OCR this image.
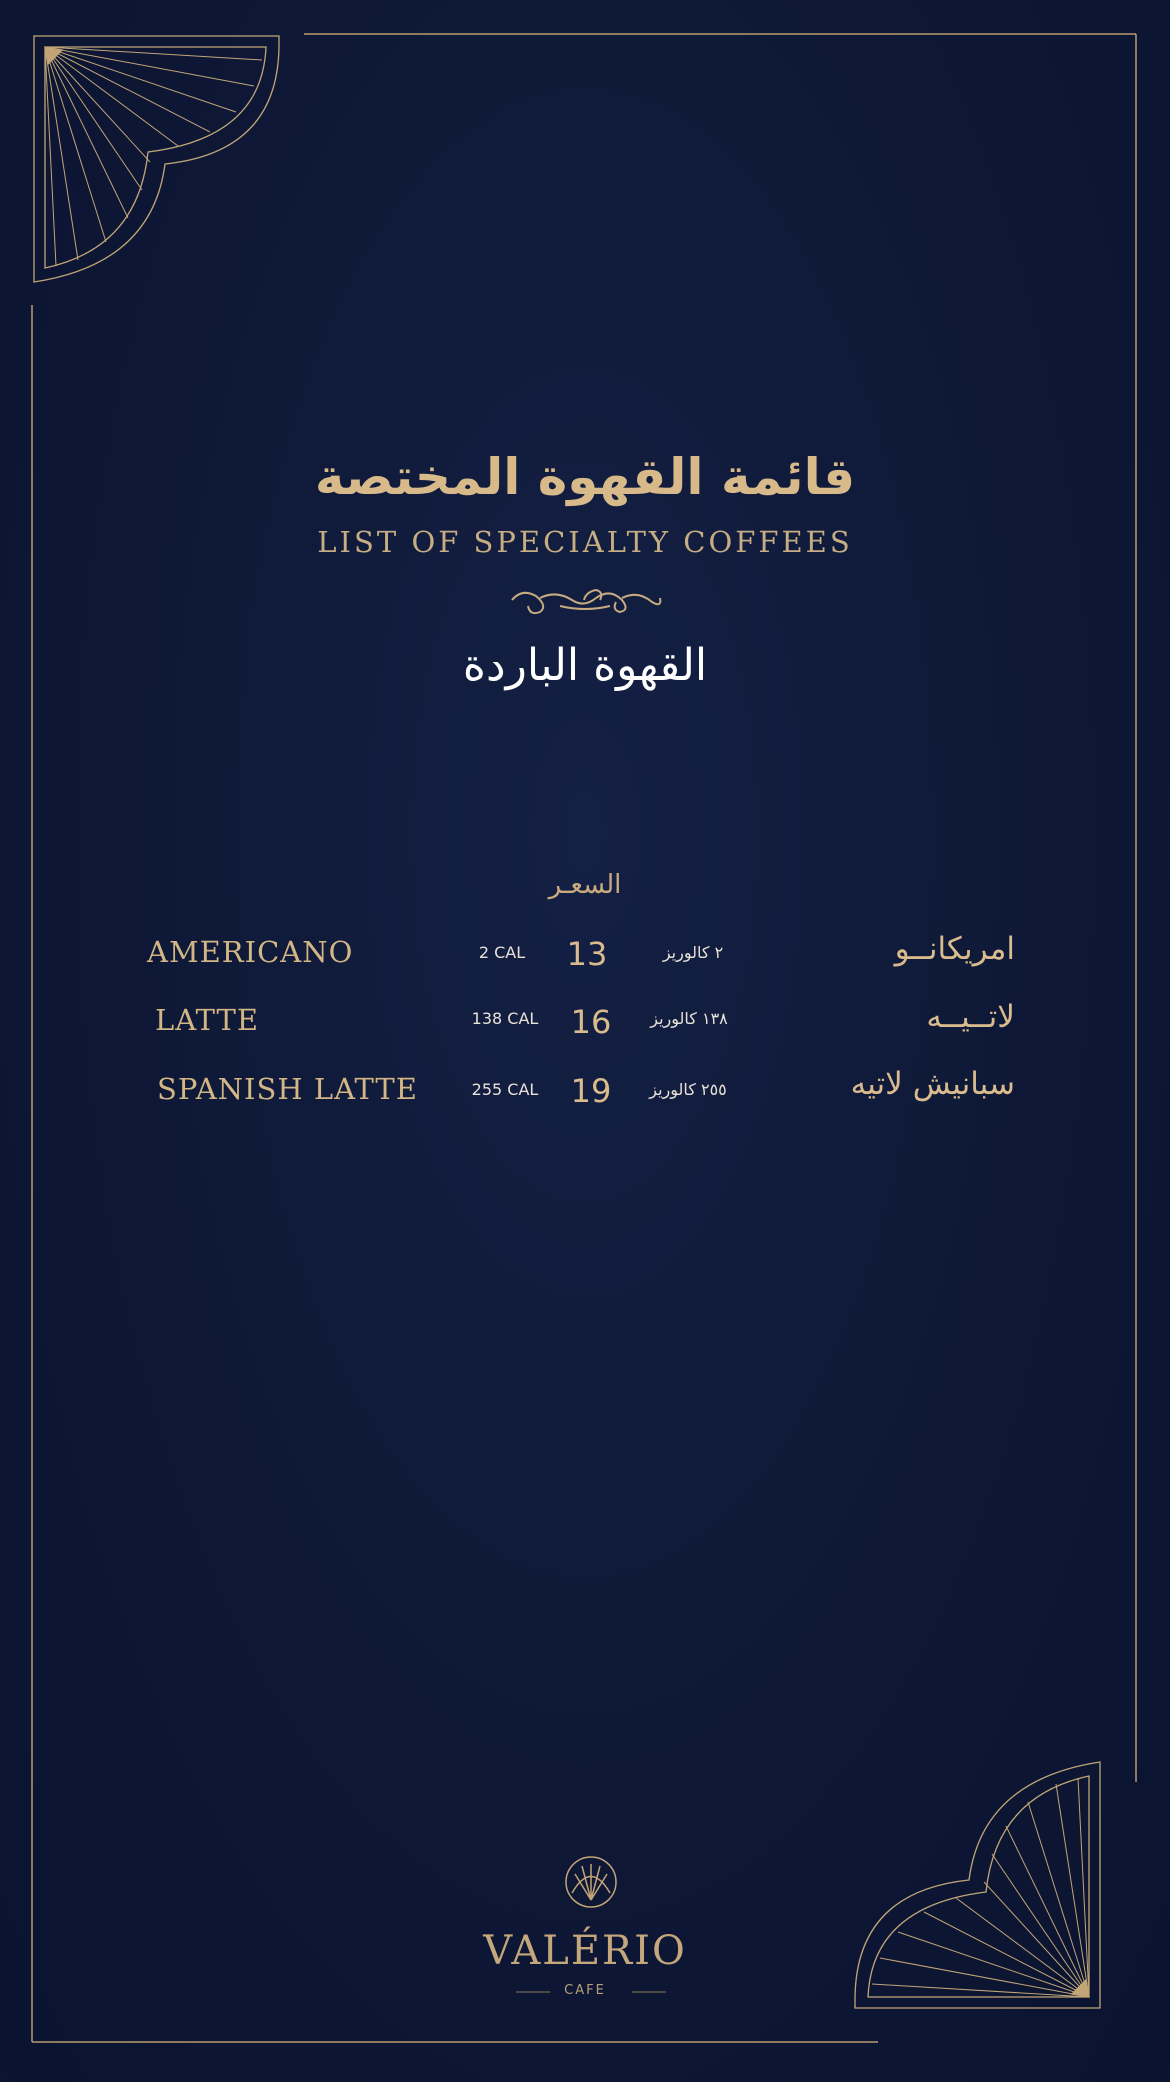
قائمة القهوة المختصة
LIST OF SPECIALTY COFFEES
القهوة الباردة
السعـر
AMERICANO	2 CAL	13	٢ كالوريز	امريكانــو
LATTE	138 CAL	16	١٣٨ كالوريز	لاتــيــه
SPANISH LATTE	255 CAL	19	٢٥٥ كالوريز	سبانيش لاتيه
VALÉRIO
CAFE
